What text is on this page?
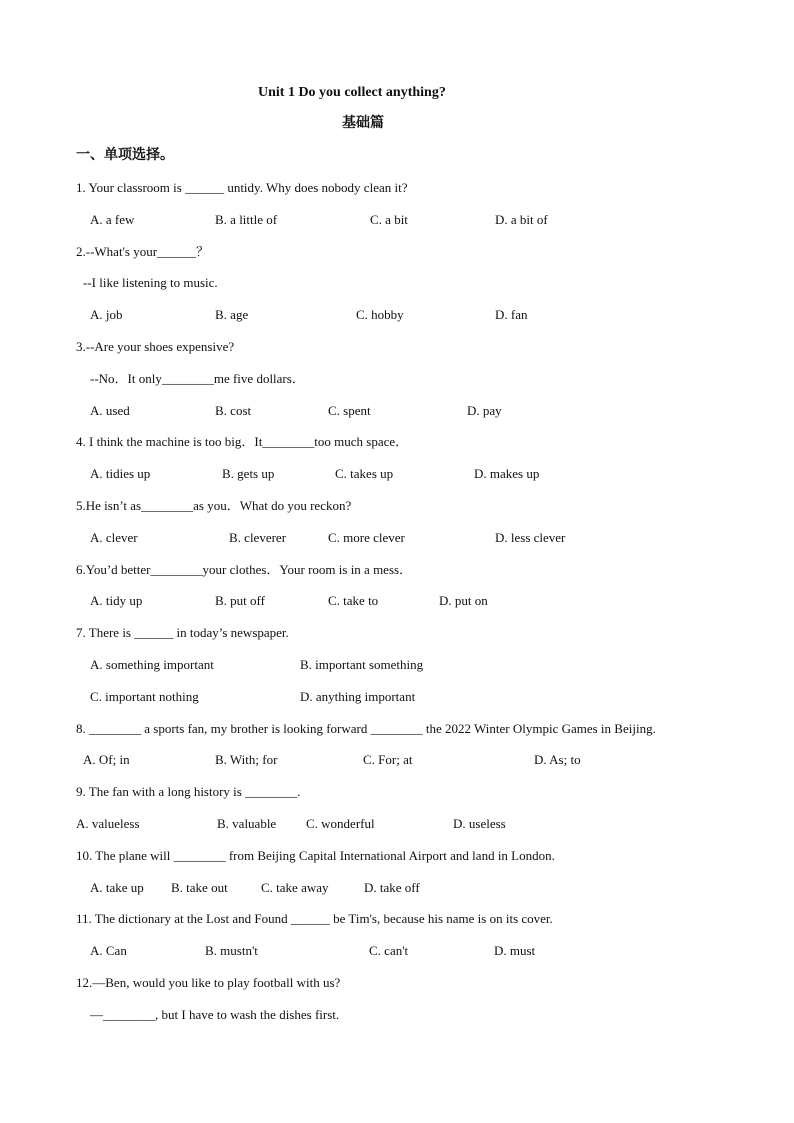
Unit 1 Do you collect anything?
基础篇
一、单项选择。
1. Your classroom is ______ untidy. Why does nobody clean it?
A. a few	B. a little of	C. a bit	D. a bit of
2.--What's your______？
--I like listening to music.
A. job	B. age	C. hobby	D. fan
3.--Are your shoes expensive?
--No．It only________me five dollars．
A. used	B. cost	C. spent	D. pay
4. I think the machine is too big．It________too much space．
A. tidies up	B. gets up	C. takes up	D. makes up
5.He isn’t as________as you．What do you reckon?
A. clever	B. cleverer	C. more clever	D. less clever
6.You’d better________your clothes．Your room is in a mess．
A. tidy up	B. put off	C. take to	D. put on
7. There is ______ in today’s newspaper.
A. something important	B. important something
C. important nothing	D. anything important
8. ________ a sports fan, my brother is looking forward ________ the 2022 Winter Olympic Games in Beijing.
A. Of; in	B. With; for	C. For; at	D. As; to
9. The fan with a long history is ________.
A. valueless	B. valuable C. wonderful	D. useless
10. The plane will ________ from Beijing Capital International Airport and land in London.
A. take up B. take out	C. take away	D. take off
11. The dictionary at the Lost and Found ______ be Tim's, because his name is on its cover.
A. Can	B. mustn't	C. can't	D. must
12.—Ben, would you like to play football with us?
—________, but I have to wash the dishes first.
